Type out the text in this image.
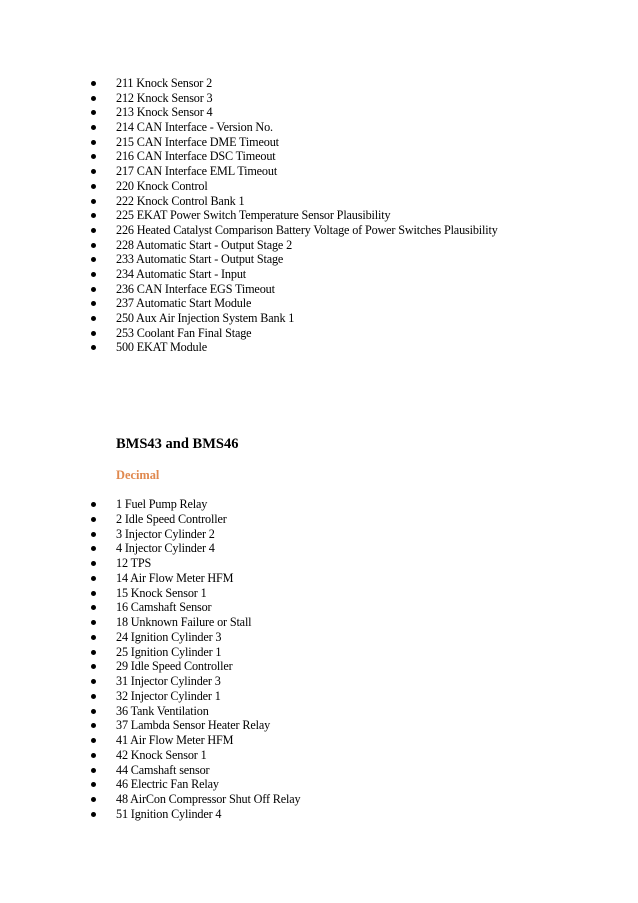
211 Knock Sensor 2
212 Knock Sensor 3
213 Knock Sensor 4
214 CAN Interface - Version No.
215 CAN Interface DME Timeout
216 CAN Interface DSC Timeout
217 CAN Interface EML Timeout
220 Knock Control
222 Knock Control Bank 1
225 EKAT Power Switch Temperature Sensor Plausibility
226 Heated Catalyst Comparison Battery Voltage of Power Switches Plausibility
228 Automatic Start - Output Stage 2
233 Automatic Start - Output Stage
234 Automatic Start - Input
236 CAN Interface EGS Timeout
237 Automatic Start Module
250 Aux Air Injection System Bank 1
253 Coolant Fan Final Stage
500 EKAT Module
BMS43 and BMS46
Decimal
1 Fuel Pump Relay
2 Idle Speed Controller
3 Injector Cylinder 2
4 Injector Cylinder 4
12 TPS
14 Air Flow Meter HFM
15 Knock Sensor 1
16 Camshaft Sensor
18 Unknown Failure or Stall
24 Ignition Cylinder 3
25 Ignition Cylinder 1
29 Idle Speed Controller
31 Injector Cylinder 3
32 Injector Cylinder 1
36 Tank Ventilation
37 Lambda Sensor Heater Relay
41 Air Flow Meter HFM
42 Knock Sensor 1
44 Camshaft sensor
46 Electric Fan Relay
48 AirCon Compressor Shut Off Relay
51 Ignition Cylinder 4
